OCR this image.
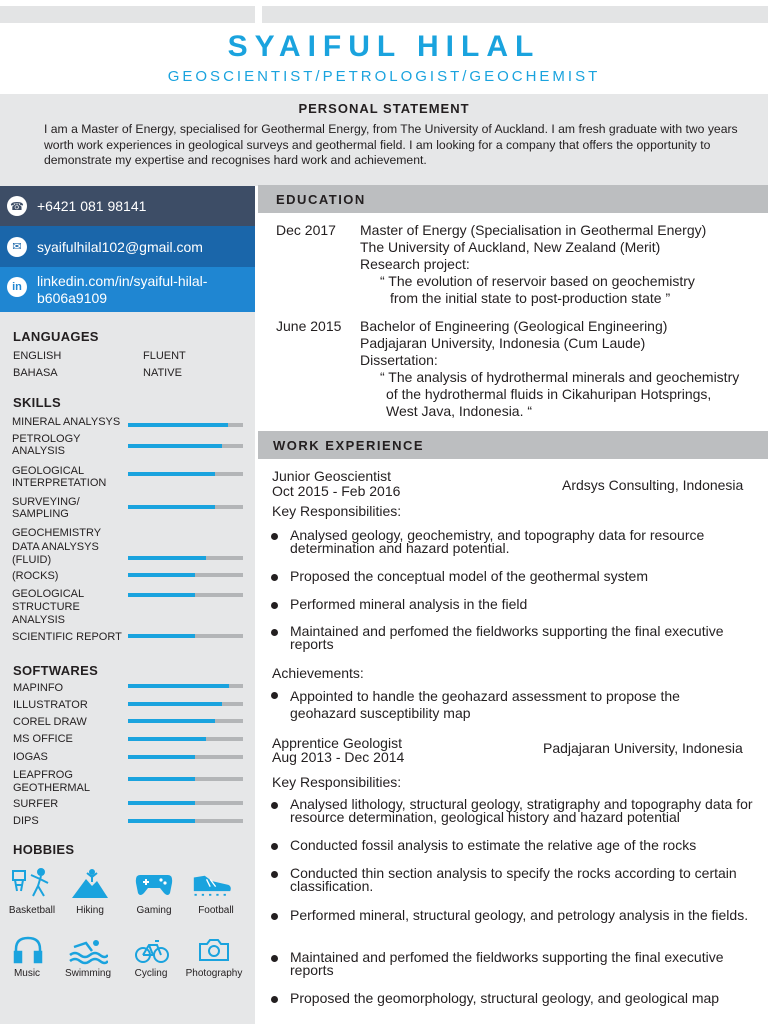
SYAIFUL HILAL
GEOSCIENTIST/PETROLOGIST/GEOCHEMIST
PERSONAL STATEMENT

I am a Master of Energy, specialised for Geothermal Energy, from The University of Auckland. I am fresh graduate with two years worth work experiences in geological surveys and geothermal field. I am looking for a company that offers the opportunity to demonstrate my expertise and recognises hard work and achievement.

☎ +6421 081 98141
✉	syaifulhilal102@gmail.com
in	linkedin.com/in/syaiful-hilal-
b606a9109
LANGUAGES
ENGLISH	FLUENT
BAHASA	NATIVE
SKILLS
MINERAL ANALYSYS
PETROLOGY ANALYSIS
GEOLOGICAL INTERPRETATION
SURVEYING/ SAMPLING
GEOCHEMISTRY DATA ANALYSYS (FLUID)
(ROCKS)
GEOLOGICAL STRUCTURE ANALYSIS
SCIENTIFIC REPORT
SOFTWARES
MAPINFO
ILLUSTRATOR
COREL DRAW
MS OFFICE
IOGAS
LEAPFROG GEOTHERMAL
SURFER
DIPS
HOBBIES
Basketball	Hiking	Gaming	Football
Music	Swimming	Cycling	Photography
EDUCATION
Dec 2017 Master of Energy (Specialisation in Geothermal Energy)
The University of Auckland, New Zealand (Merit)
Research project:
“ The evolution of reservoir based on geochemistry
from the initial state to post-production state ”
June 2015 Bachelor of Engineering (Geological Engineering)
Padjajaran University, Indonesia (Cum Laude)
Dissertation:
“ The analysis of hydrothermal minerals and geochemistry
of the hydrothermal fluids in Cikahuripan Hotsprings,
West Java, Indonesia. “
WORK EXPERIENCE
Junior Geoscientist
Oct 2015 - Feb 2016	Ardsys Consulting, Indonesia
Key Responsibilities:
Analysed geology, geochemistry, and topography data for resource determination and hazard potential.
Proposed the conceptual model of the geothermal system
Performed mineral analysis in the field
Maintained and perfomed the fieldworks supporting the final executive reports
Achievements:
Appointed to handle the geohazard assessment to propose the geohazard susceptibility map
Apprentice Geologist
Aug 2013 - Dec 2014
Padjajaran University, Indonesia
Key Responsibilities:
Analysed lithology, structural geology, stratigraphy and topography data for resource determination, geological history and hazard potential
Conducted fossil analysis to estimate the relative age of the rocks
Conducted thin section analysis to specify the rocks according to certain classification.
Performed mineral, structural geology, and petrology analysis in the fields.
Maintained and perfomed the fieldworks supporting the final executive reports
Proposed the geomorphology, structural geology, and geological map
